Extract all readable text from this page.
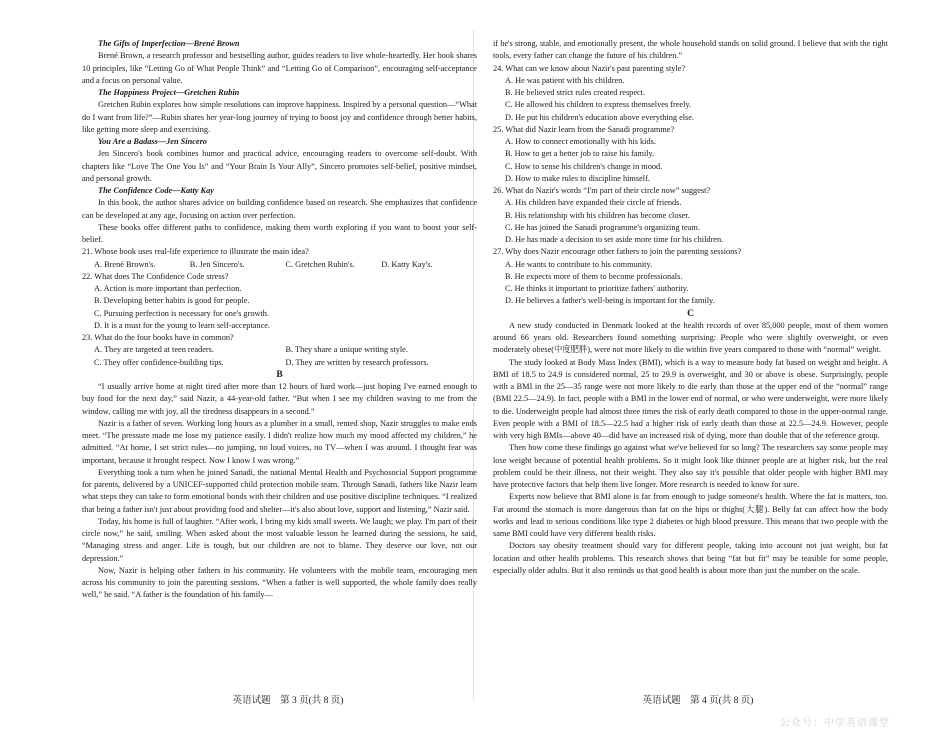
The Gifts of Imperfection—Brené Brown

Brené Brown, a research professor and bestselling author, guides readers to live whole-heartedly. Her book shares 10 principles, like “Letting Go of What People Think” and “Letting Go of Comparison”, encouraging self-acceptance and a focus on personal value.

The Happiness Project—Gretchen Rubin

Gretchen Rubin explores how simple resolutions can improve happiness. Inspired by a personal question—“What do I want from life?”—Rubin shares her year-long journey of trying to boost joy and confidence through better habits, like getting more sleep and exercising.

You Are a Badass—Jen Sincero

Jen Sincero's book combines humor and practical advice, encouraging readers to overcome self-doubt. With chapters like “Love The One You Is” and “Your Brain Is Your Ally”, Sincero promotes self-belief, positive mindset, and personal growth.

The Confidence Code—Katty Kay

In this book, the author shares advice on building confidence based on research. She emphasizes that confidence can be developed at any age, focusing on action over perfection.

These books offer different paths to confidence, making them worth exploring if you want to boost your self-belief.

21. Whose book uses real-life experience to illustrate the main idea?

A. Brené Brown's.	B. Jen Sincero's.	C. Gretchen Rubin's.	D. Katty Kay's.

22. What does The Confidence Code stress?

A. Action is more important than perfection.

B. Developing better habits is good for people.

C. Pursuing perfection is necessary for one's growth.

D. It is a must for the young to learn self-acceptance.

23. What do the four books have in common?

A. They are targeted at teen readers.	B. They share a unique writing style.
C. They offer confidence-building tips.	D. They are written by research professors.

B

“I usually arrive home at night tired after more than 12 hours of hard work—just hoping I've earned enough to buy food for the next day,” said Nazir, a 44-year-old father. “But when I see my children waving to me from the window, calling me with joy, all the tiredness disappears in a second.”

Nazir is a father of seven. Working long hours as a plumber in a small, rented shop, Nazir struggles to make ends meet. “The pressure made me lose my patience easily. I didn't realize how much my mood affected my children,” he admitted. “At home, I set strict rules—no jumping, no loud voices, no TV—when I was around. I thought fear was important, because it brought respect. Now I know I was wrong.”

Everything took a turn when he joined Sanadi, the national Mental Health and Psychosocial Support programme for parents, delivered by a UNICEF-supported child protection mobile team. Through Sanadi, fathers like Nazir learn what steps they can take to form emotional bonds with their children and use positive discipline techniques. “I realized that being a father isn't just about providing food and shelter—it's also about love, support and listening,” Nazir said.

Today, his home is full of laughter. “After work, I bring my kids small sweets. We laugh; we play. I'm part of their circle now,” he said, smiling. When asked about the most valuable lesson he learned during the sessions, he said, “Managing stress and anger. Life is tough, but our children are not to blame. They deserve our love, not our depression.”

Now, Nazir is helping other fathers in his community. He volunteers with the mobile team, encouraging men across his community to join the parenting sessions. “When a father is well supported, the whole family does really well,” he said. “A father is the foundation of his family—

英语试题　第 3 页(共 8 页)

if he's strong, stable, and emotionally present, the whole household stands on solid ground. I believe that with the right tools, every father can change the future of his children.”

24. What can we know about Nazir's past parenting style?

A. He was patient with his children.

B. He believed strict rules created respect.

C. He allowed his children to express themselves freely.

D. He put his children's education above everything else.

25. What did Nazir learn from the Sanadi programme?

A. How to connect emotionally with his kids.

B. How to get a better job to raise his family.

C. How to sense his children's change in mood.

D. How to make rules to discipline himself.

26. What do Nazir's words “I'm part of their circle now” suggest?

A. His children have expanded their circle of friends.

B. His relationship with his children has become closer.

C. He has joined the Sanadi programme's organizing team.

D. He has made a decision to set aside more time for his children.

27. Why does Nazir encourage other fathers to join the parenting sessions?

A. He wants to contribute to his community.

B. He expects more of them to become professionals.

C. He thinks it important to prioritize fathers' authority.

D. He believes a father's well-being is important for the family.

C

A new study conducted in Denmark looked at the health records of over 85,000 people, most of them women around 66 years old. Researchers found something surprising: People who were slightly overweight, or even moderately obese(中度肥胖), were not more likely to die within five years compared to those with “normal” weight.

The study looked at Body Mass Index (BMI), which is a way to measure body fat based on weight and height. A BMI of 18.5 to 24.9 is considered normal, 25 to 29.9 is overweight, and 30 or above is obese. Surprisingly, people with a BMI in the 25—35 range were not more likely to die early than those at the upper end of the “normal” range (BMI 22.5—24.9). In fact, people with a BMI in the lower end of normal, or who were underweight, were more likely to die. Underweight people had almost three times the risk of early death compared to those in the upper-normal range. Even people with a BMI of 18.5—22.5 had a higher risk of early death than those at 22.5—24.9. However, people with very high BMIs—above 40—did have an increased risk of dying, more than double that of the reference group.

Then how come these findings go against what we've believed for so long? The researchers say some people may lose weight because of potential health problems. So it might look like thinner people are at higher risk, but the real problem could be their illness, not their weight. They also say it's possible that older people with higher BMI may have protective factors that help them live longer. More research is needed to know for sure.

Experts now believe that BMI alone is far from enough to judge someone's health. Where the fat is matters, too. Fat around the stomach is more dangerous than fat on the hips or thighs(大腿). Belly fat can affect how the body works and lead to serious conditions like type 2 diabetes or high blood pressure. This means that two people with the same BMI could have very different health risks.

Doctors say obesity treatment should vary for different people, taking into account not just weight, but fat location and other health problems. This research shows that being “fat but fit” may be teasible for some people, especially older adults. But it also reminds us that good health is about more than just the number on the scale.

英语试题　第 4 页(共 8 页)
公众号：中学英语课堂
